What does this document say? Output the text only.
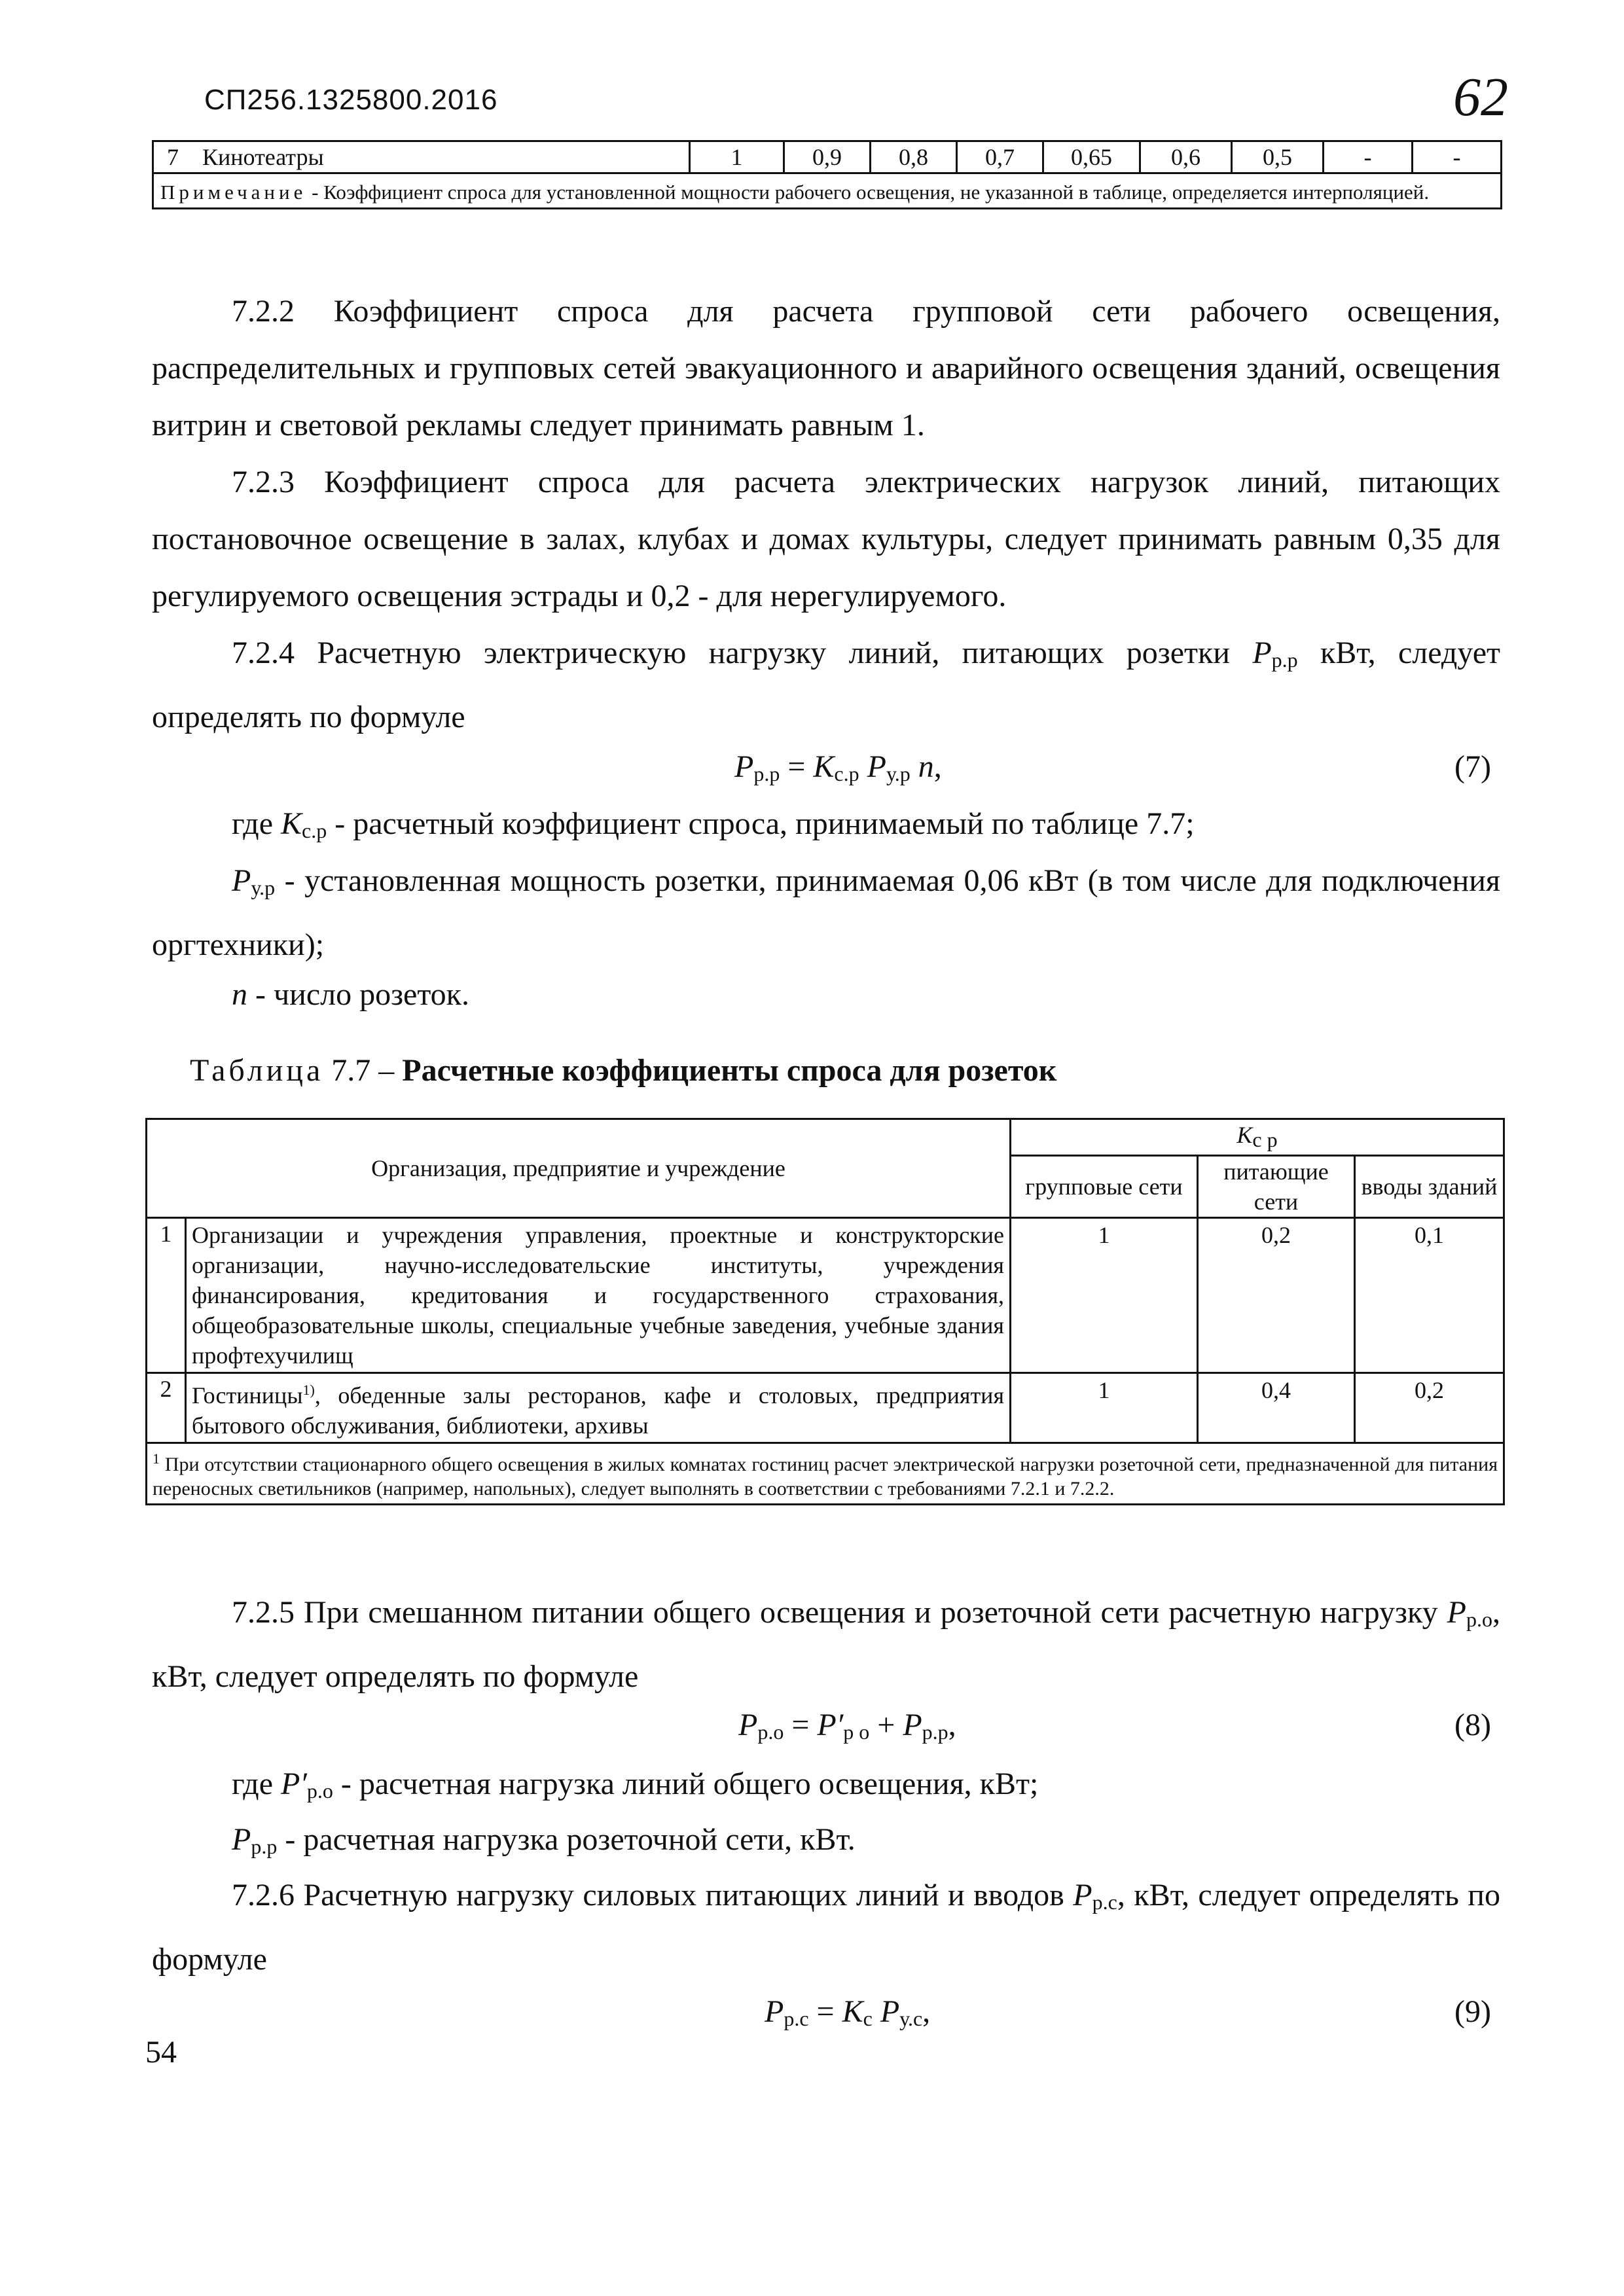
СП256.1325800.2016	62
7 Кинотеатры	1	0,9	0,8	0,7	0,65	0,6	0,5	-	-
Примечание - Коэффициент спроса для установленной мощности рабочего освещения, не указанной в таблице, определяется интерполяцией.
7.2.2 Коэффициент спроса для расчета групповой сети рабочего освещения, распределительных и групповых сетей эвакуационного и аварийного освещения зданий, освещения витрин и световой рекламы следует принимать равным 1.
7.2.3 Коэффициент спроса для расчета электрических нагрузок линий, питающих постановочное освещение в залах, клубах и домах культуры, следует принимать равным 0,35 для регулируемого освещения эстрады и 0,2 - для нерегулируемого.
7.2.4 Расчетную электрическую нагрузку линий, питающих розетки Pр.р кВт, следует определять по формуле
Pр.р = Kс.р Pу.р n,	(7)
где Kс.р - расчетный коэффициент спроса, принимаемый по таблице 7.7;
Pу.р - установленная мощность розетки, принимаемая 0,06 кВт (в том числе для подключения оргтехники);
n - число розеток.
Таблица 7.7 – Расчетные коэффициенты спроса для розеток
Организация, предприятие и учреждение		Kс р		
		групповые сети	питающие сети	вводы зданий
1	Организации и учреждения управления, проектные и конструкторские организации, научно-исследовательские институты, учреждения финансирования, кредитования и государственного страхования, общеобразовательные школы, специальные учебные заведения, учебные здания профтехучилищ	1	0,2	0,1
2	Гостиницы$^{1)}$, обеденные залы ресторанов, кафе и столовых, предприятия бытового обслуживания, библиотеки, архивы	1	0,4	0,2
$^1$ При отсутствии стационарного общего освещения в жилых комнатах гостиниц расчет электрической нагрузки розеточной сети, предназначенной для питания переносных светильников (например, напольных), следует выполнять в соответствии с требованиями 7.2.1 и 7.2.2.				
7.2.5 При смешанном питании общего освещения и розеточной сети расчетную нагрузку Pр.о, кВт, следует определять по формуле
Pр.о = P′р о + Pр.р,	(8)
где P′р.о - расчетная нагрузка линий общего освещения, кВт;
Pр.р - расчетная нагрузка розеточной сети, кВт.
7.2.6 Расчетную нагрузку силовых питающих линий и вводов Pр.с, кВт, следует определять по формуле
Pр.с = Kс Pу.с,	(9)
54
